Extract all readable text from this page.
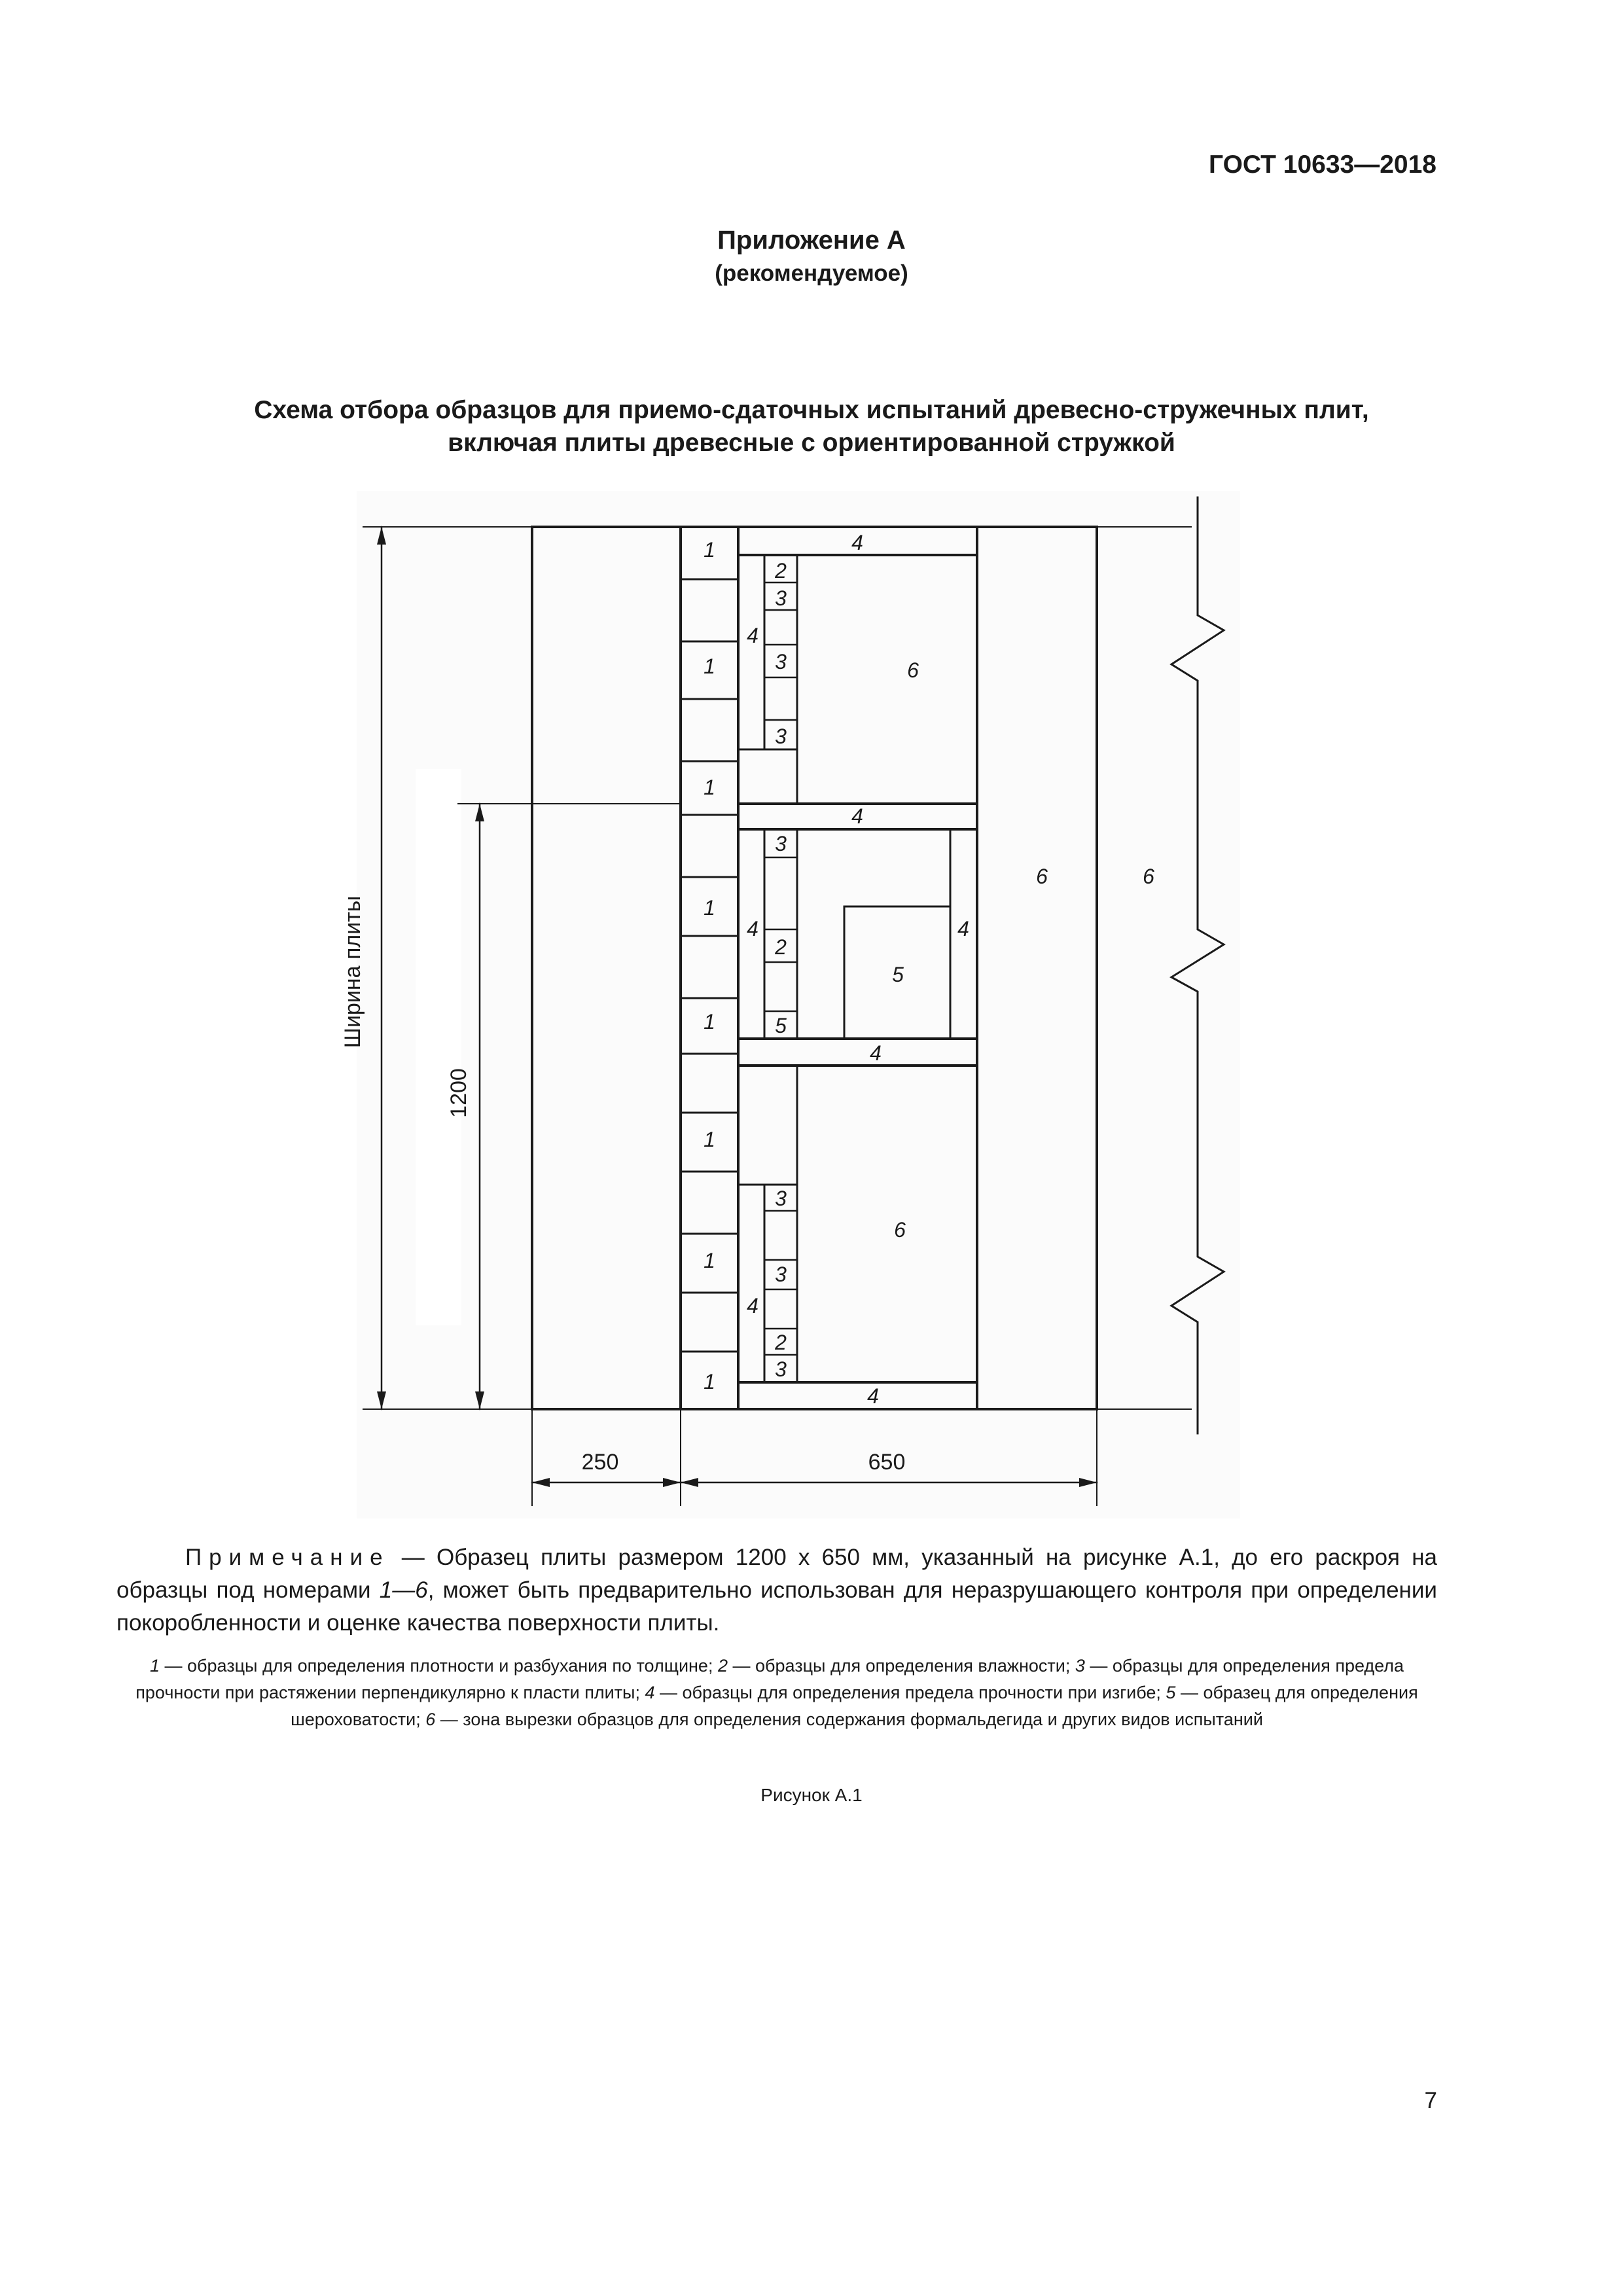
ГОСТ 10633—2018
Приложение А
(рекомендуемое)
Схема отбора образцов для приемо-сдаточных испытаний древесно-стружечных плит,
включая плиты древесные с ориентированной стружкой
Ширина плиты
1200
250	650
1
1
1
1
1
1
1
1
4
4
4
4	4
4
4
4
2
3
3
3
3
2
5
3
3
2
3
5
6
6
6	6
Примечание — Образец плиты размером 1200 х 650 мм, указанный на рисунке А.1, до его раскроя на образцы под номерами 1—6, может быть предварительно использован для неразрушающего контроля при определении покоробленности и оценке качества поверхности плиты.
1 — образцы для определения плотности и разбухания по толщине; 2 — образцы для определения влажности; 3 — образцы для определения предела прочности при растяжении перпендикулярно к пласти плиты; 4 — образцы для определения предела прочности при изгибе; 5 — образец для определения шероховатости; 6 — зона вырезки образцов для определения содержания формальдегида и других видов испытаний
Рисунок А.1
7
